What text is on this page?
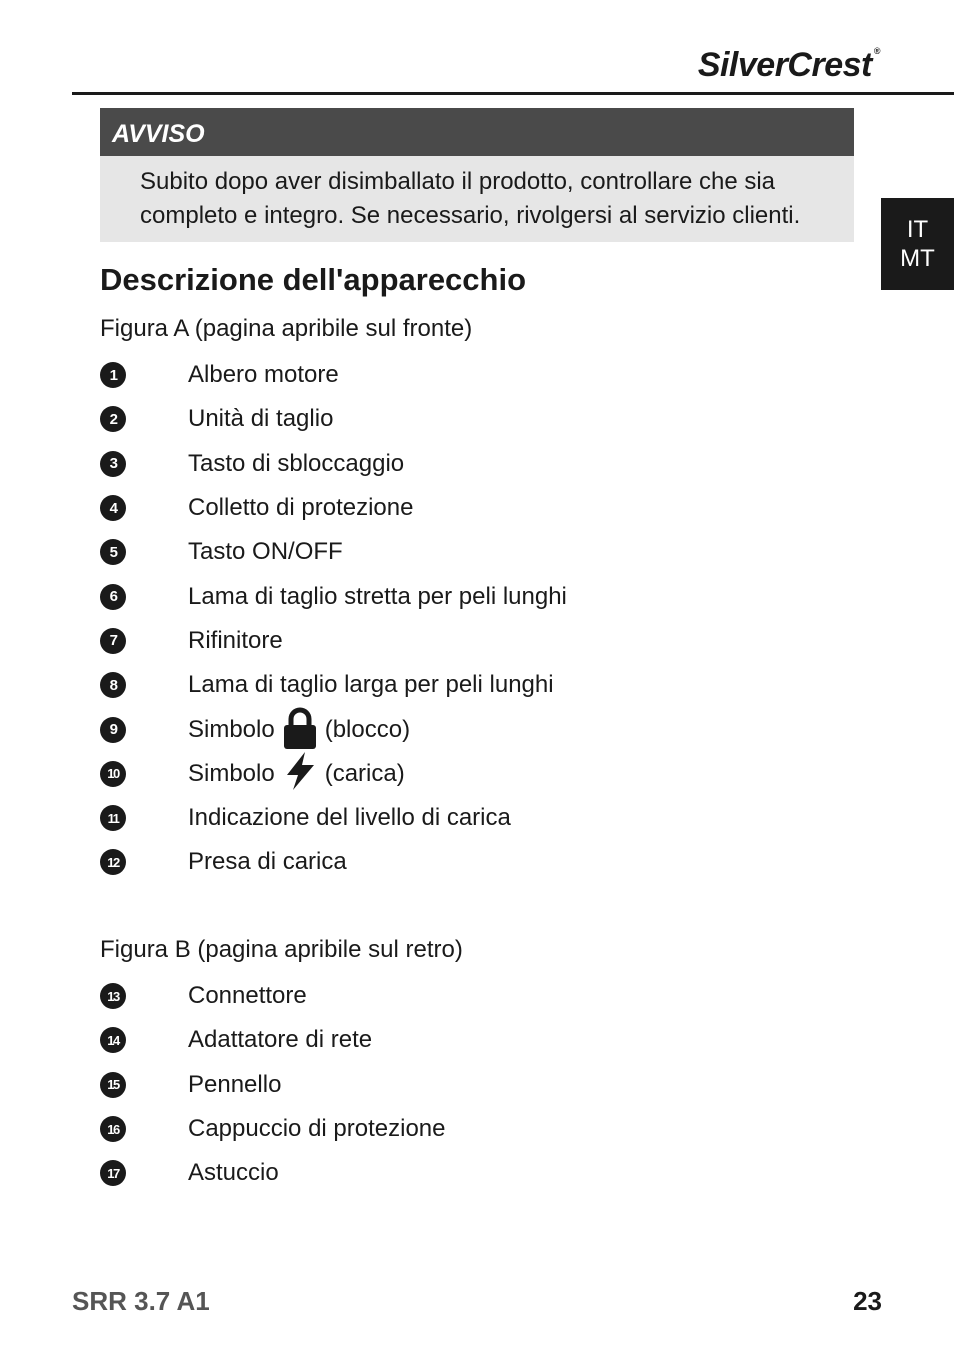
SilverCrest ®
IT
MT
AVVISO
Subito dopo aver disimballato il prodotto, controllare che sia completo e integro. Se necessario, rivolgersi al servizio clienti.
Descrizione dell'apparecchio
Figura A (pagina apribile sul fronte)
1	Albero motore
2	Unità di taglio
3	Tasto di sbloccaggio
4	Colletto di protezione
5	Tasto ON/OFF
6	Lama di taglio stretta per peli lunghi
7	Rifinitore
8	Lama di taglio larga per peli lunghi
9	Simbolo (blocco)
10	Simbolo (carica)
11	Indicazione del livello di carica
12	Presa di carica
Figura B (pagina apribile sul retro)
13	Connettore
14	Adattatore di rete
15	Pennello
16	Cappuccio di protezione
17	Astuccio
SRR 3.7 A1	23
